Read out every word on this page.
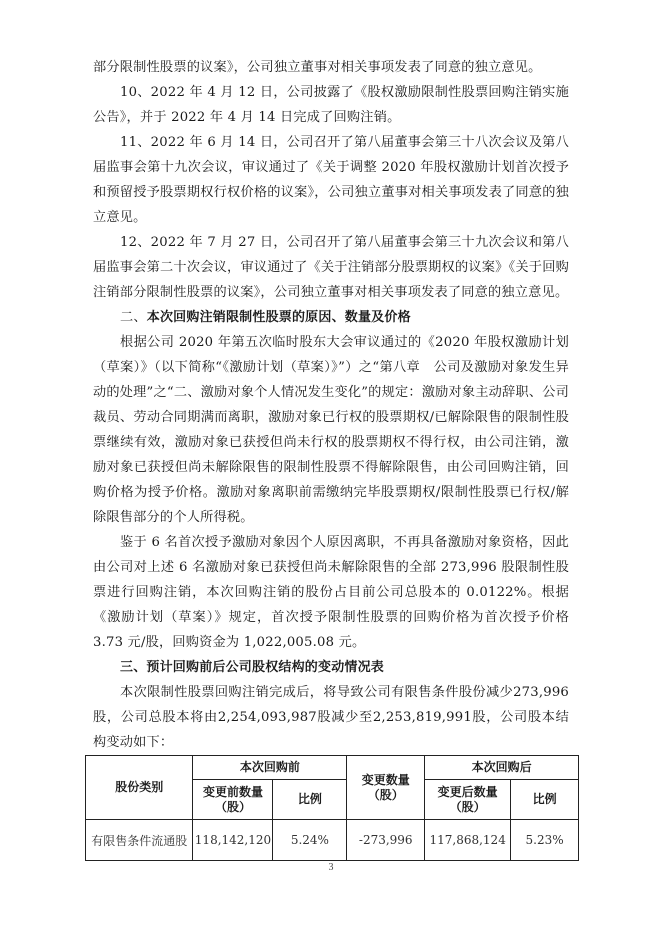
部分限制性股票的议案》，公司独立董事对相关事项发表了同意的独立意见。

10、2022 年 4 月 12 日，公司披露了《股权激励限制性股票回购注销实施公告》，并于 2022 年 4 月 14 日完成了回购注销。

11、2022 年 6 月 14 日，公司召开了第八届董事会第三十八次会议及第八届监事会第十九次会议，审议通过了《关于调整 2020 年股权激励计划首次授予和预留授予股票期权行权价格的议案》，公司独立董事对相关事项发表了同意的独立意见。

12、2022 年 7 月 27 日，公司召开了第八届董事会第三十九次会议和第八届监事会第二十次会议，审议通过了《关于注销部分股票期权的议案》《关于回购注销部分限制性股票的议案》，公司独立董事对相关事项发表了同意的独立意见。

二、本次回购注销限制性股票的原因、数量及价格

根据公司 2020 年第五次临时股东大会审议通过的《2020 年股权激励计划（草案）》（以下简称“《激励计划（草案）》”）之“第八章　公司及激励对象发生异动的处理”之“二、激励对象个人情况发生变化”的规定：激励对象主动辞职、公司裁员、劳动合同期满而离职，激励对象已行权的股票期权/已解除限售的限制性股票继续有效，激励对象已获授但尚未行权的股票期权不得行权，由公司注销，激励对象已获授但尚未解除限售的限制性股票不得解除限售，由公司回购注销，回购价格为授予价格。激励对象离职前需缴纳完毕股票期权/限制性股票已行权/解除限售部分的个人所得税。

鉴于 6 名首次授予激励对象因个人原因离职，不再具备激励对象资格，因此由公司对上述 6 名激励对象已获授但尚未解除限售的全部 273,996 股限制性股票进行回购注销，本次回购注销的股份占目前公司总股本的 0.0122%。根据《激励计划（草案）》规定，首次授予限制性股票的回购价格为首次授予价格 3.73 元/股，回购资金为 1,022,005.08 元。

三、预计回购前后公司股权结构的变动情况表

本次限制性股票回购注销完成后，将导致公司有限售条件股份减少273,996股，公司总股本将由2,254,093,987股减少至2,253,819,991股，公司股本结构变动如下：

股份类别	本次回购前		变更数量（股）	本次回购后	
	变更前数量（股）	比例		变更后数量（股）	比例
有限售条件流通股	118,142,120	5.24%	-273,996	117,868,124	5.23%
3
